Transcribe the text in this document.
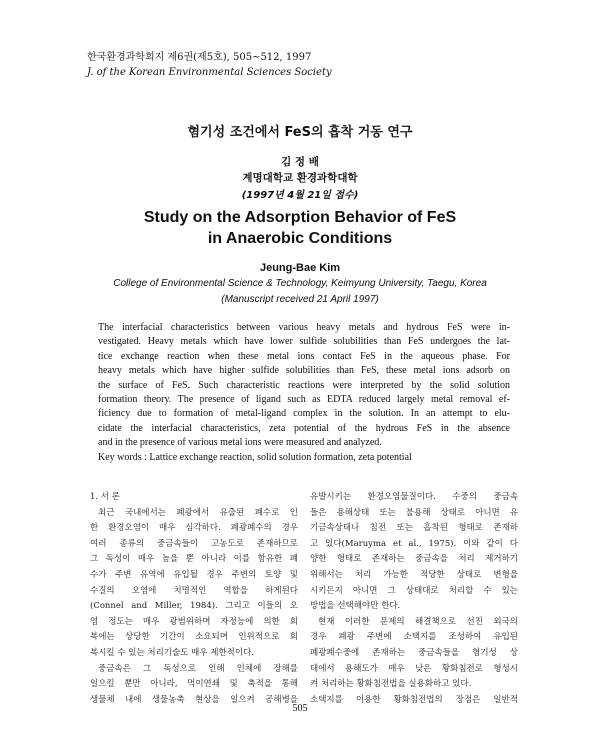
한국환경과학회지 제6권(제5호), 505~512, 1997
J. of the Korean Environmental Sciences Society
혐기성 조건에서 FeS의 흡착 거동 연구
김 정 배
계명대학교 환경과학대학
(1997년 4월 21일 접수)
Study on the Adsorption Behavior of FeS
in Anaerobic Conditions
Jeung-Bae Kim
College of Environmental Science & Technology, Keimyung University, Taegu, Korea
(Manuscript received 21 April 1997)
The interfacial characteristics between various heavy metals and hydrous FeS were in-
vestigated. Heavy metals which have lower sulfide solubilities than FeS undergoes the lat-
tice exchange reaction when these metal ions contact FeS in the aqueous phase. For
heavy metals which have higher sulfide solubilities than FeS, these metal ions adsorb on
the surface of FeS. Such characteristic reactions were interpreted by the solid solution
formation theory. The presence of ligand such as EDTA reduced largely metal removal ef-
ficiency due to formation of metal-ligand complex in the solution. In an attempt to elu-
cidate the interfacial characteristics, zeta potential of the hydrous FeS in the absence
and in the presence of various metal ions were measured and analyzed.
Key words : Lattice exchange reaction, solid solution formation, zeta potential
1. 서 론
최근 국내에서는 폐광에서 유출된 폐수로 인
한 환경오염이 매우 심각하다. 폐광폐수의 경우
여러 종류의 중금속들이 고농도로 존재하므로
그 독성이 매우 높을 뿐 아니라 이를 함유한 폐
수가 주변 유역에 유입될 경우 주변의 토양 및
수질의 오염에 치명적인 역할을 하게된다
(Connel and Miller, 1984). 그리고 이들의 오
염 정도는 매우 광범위하며 자정능에 의한 회
복에는 상당한 기간이 소요되며 인위적으로 회
복시킬 수 있는 처리기술도 매우 제한적이다.
중금속은 그 독성으로 인해 인체에 장해를
일으킬 뿐만 아니라, 먹이연쇄 및 축적을 통해
생물체 내에 생물농축 현상을 일으켜 공해병을
유발시키는 환경오염물질이다. 수중의 중금속
들은 용해상태 또는 불용해 상태로 아니면 유
기금속상태나 침전 또는 흡착된 형태로 존재하
고 있다(Maruyma et al., 1975). 이와 같이 다
양한 형태로 존재하는 중금속을 처리 제거하기
위해서는 처리 가능한 적당한 상태로 변형을
시키든지 아니면 그 상태대로 처리할 수 있는
방법을 선택해야만 한다.
현재 이러한 문제의 해결책으로 선진 외국의
경우 폐광 주변에 소택지를 조성하여 유입된
폐광폐수중에 존재하는 중금속들을 혐기성 상
태에서 용해도가 매우 낮은 황화침전로 형성시
켜 처리하는 황화침전법을 실용화하고 있다.
소택지를 이용한 황화침전법의 장점은 일반적
505
